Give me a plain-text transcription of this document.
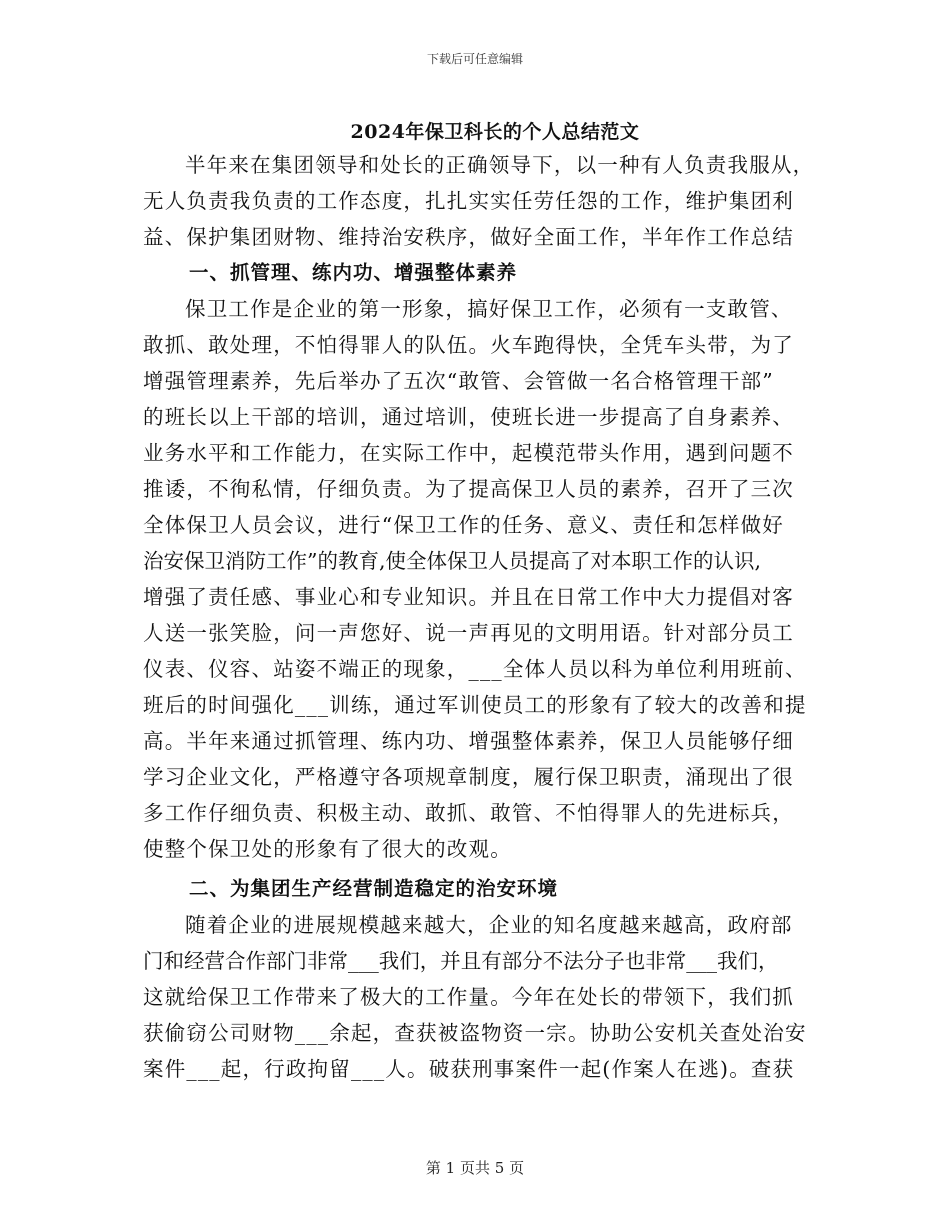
下载后可任意编辑
2024年保卫科长的个人总结范文
半年来在集团领导和处长的正确领导下，以一种有人负责我服从，
无人负责我负责的工作态度，扎扎实实任劳任怨的工作，维护集团利
益、保护集团财物、维持治安秩序，做好全面工作，半年作工作总结
一、抓管理、练内功、增强整体素养
保卫工作是企业的第一形象，搞好保卫工作，必须有一支敢管、
敢抓、敢处理，不怕得罪人的队伍。火车跑得快，全凭车头带，为了
增强管理素养，先后举办了五次“敢管、会管做一名合格管理干部”
的班长以上干部的培训，通过培训，使班长进一步提高了自身素养、
业务水平和工作能力，在实际工作中，起模范带头作用，遇到问题不
推诿，不徇私情，仔细负责。为了提高保卫人员的素养，召开了三次
全体保卫人员会议，进行“保卫工作的任务、意义、责任和怎样做好
治安保卫消防工作”的教育,使全体保卫人员提高了对本职工作的认识,
增强了责任感、事业心和专业知识。并且在日常工作中大力提倡对客
人送一张笑脸，问一声您好、说一声再见的文明用语。针对部分员工
仪表、仪容、站姿不端正的现象，___全体人员以科为单位利用班前、
班后的时间强化___训练，通过军训使员工的形象有了较大的改善和提
高。半年来通过抓管理、练内功、增强整体素养，保卫人员能够仔细
学习企业文化，严格遵守各项规章制度，履行保卫职责，涌现出了很
多工作仔细负责、积极主动、敢抓、敢管、不怕得罪人的先进标兵，
使整个保卫处的形象有了很大的改观。
二、为集团生产经营制造稳定的治安环境
随着企业的进展规模越来越大，企业的知名度越来越高，政府部
门和经营合作部门非常___我们，并且有部分不法分子也非常___我们，
这就给保卫工作带来了极大的工作量。今年在处长的带领下，我们抓
获偷窃公司财物___余起，查获被盗物资一宗。协助公安机关查处治安
案件___起，行政拘留___人。破获刑事案件一起(作案人在逃)。查获
第 1 页共 5 页
